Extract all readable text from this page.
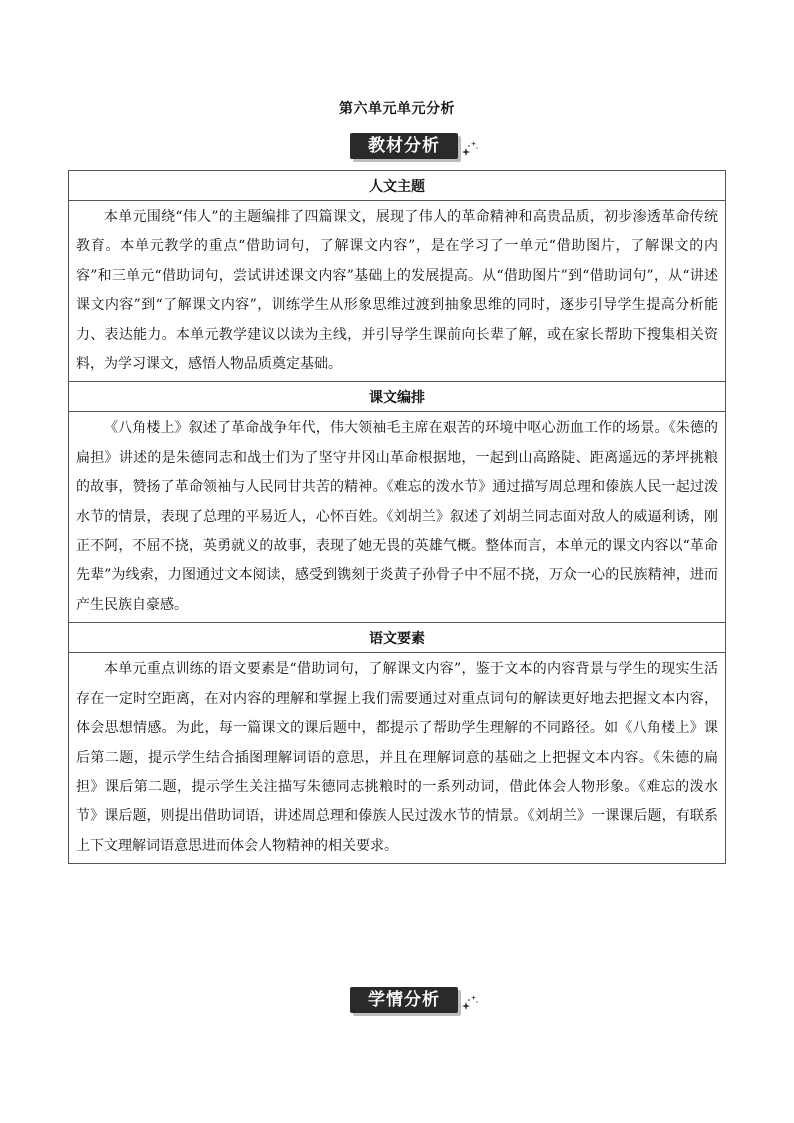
第六单元单元分析
教材分析
人文主题
本单元围绕“伟人”的主题编排了四篇课文，展现了伟人的革命精神和高贵品质，初步渗透革命传统教育。本单元教学的重点“借助词句，了解课文内容”，是在学习了一单元“借助图片，了解课文的内容”和三单元“借助词句，尝试讲述课文内容”基础上的发展提高。从“借助图片”到“借助词句”，从“讲述课文内容”到“了解课文内容”，训练学生从形象思维过渡到抽象思维的同时，逐步引导学生提高分析能力、表达能力。本单元教学建议以读为主线，并引导学生课前向长辈了解，或在家长帮助下搜集相关资料，为学习课文，感悟人物品质奠定基础。
课文编排
《八角楼上》叙述了革命战争年代，伟大领袖毛主席在艰苦的环境中呕心沥血工作的场景。《朱德的扁担》讲述的是朱德同志和战士们为了坚守井冈山革命根据地，一起到山高路陡、距离遥远的茅坪挑粮的故事，赞扬了革命领袖与人民同甘共苦的精神。《难忘的泼水节》通过描写周总理和傣族人民一起过泼水节的情景，表现了总理的平易近人，心怀百姓。《刘胡兰》叙述了刘胡兰同志面对敌人的威逼利诱，刚正不阿，不屈不挠，英勇就义的故事，表现了她无畏的英雄气概。整体而言，本单元的课文内容以“革命先辈”为线索，力图通过文本阅读，感受到镌刻于炎黄子孙骨子中不屈不挠，万众一心的民族精神，进而产生民族自豪感。
语文要素
本单元重点训练的语文要素是“借助词句，了解课文内容”，鉴于文本的内容背景与学生的现实生活存在一定时空距离，在对内容的理解和掌握上我们需要通过对重点词句的解读更好地去把握文本内容，体会思想情感。为此，每一篇课文的课后题中，都提示了帮助学生理解的不同路径。如《八角楼上》课后第二题，提示学生结合插图理解词语的意思，并且在理解词意的基础之上把握文本内容。《朱德的扁担》课后第二题，提示学生关注描写朱德同志挑粮时的一系列动词，借此体会人物形象。《难忘的泼水节》课后题，则提出借助词语，讲述周总理和傣族人民过泼水节的情景。《刘胡兰》一课课后题，有联系上下文理解词语意思进而体会人物精神的相关要求。
学情分析
